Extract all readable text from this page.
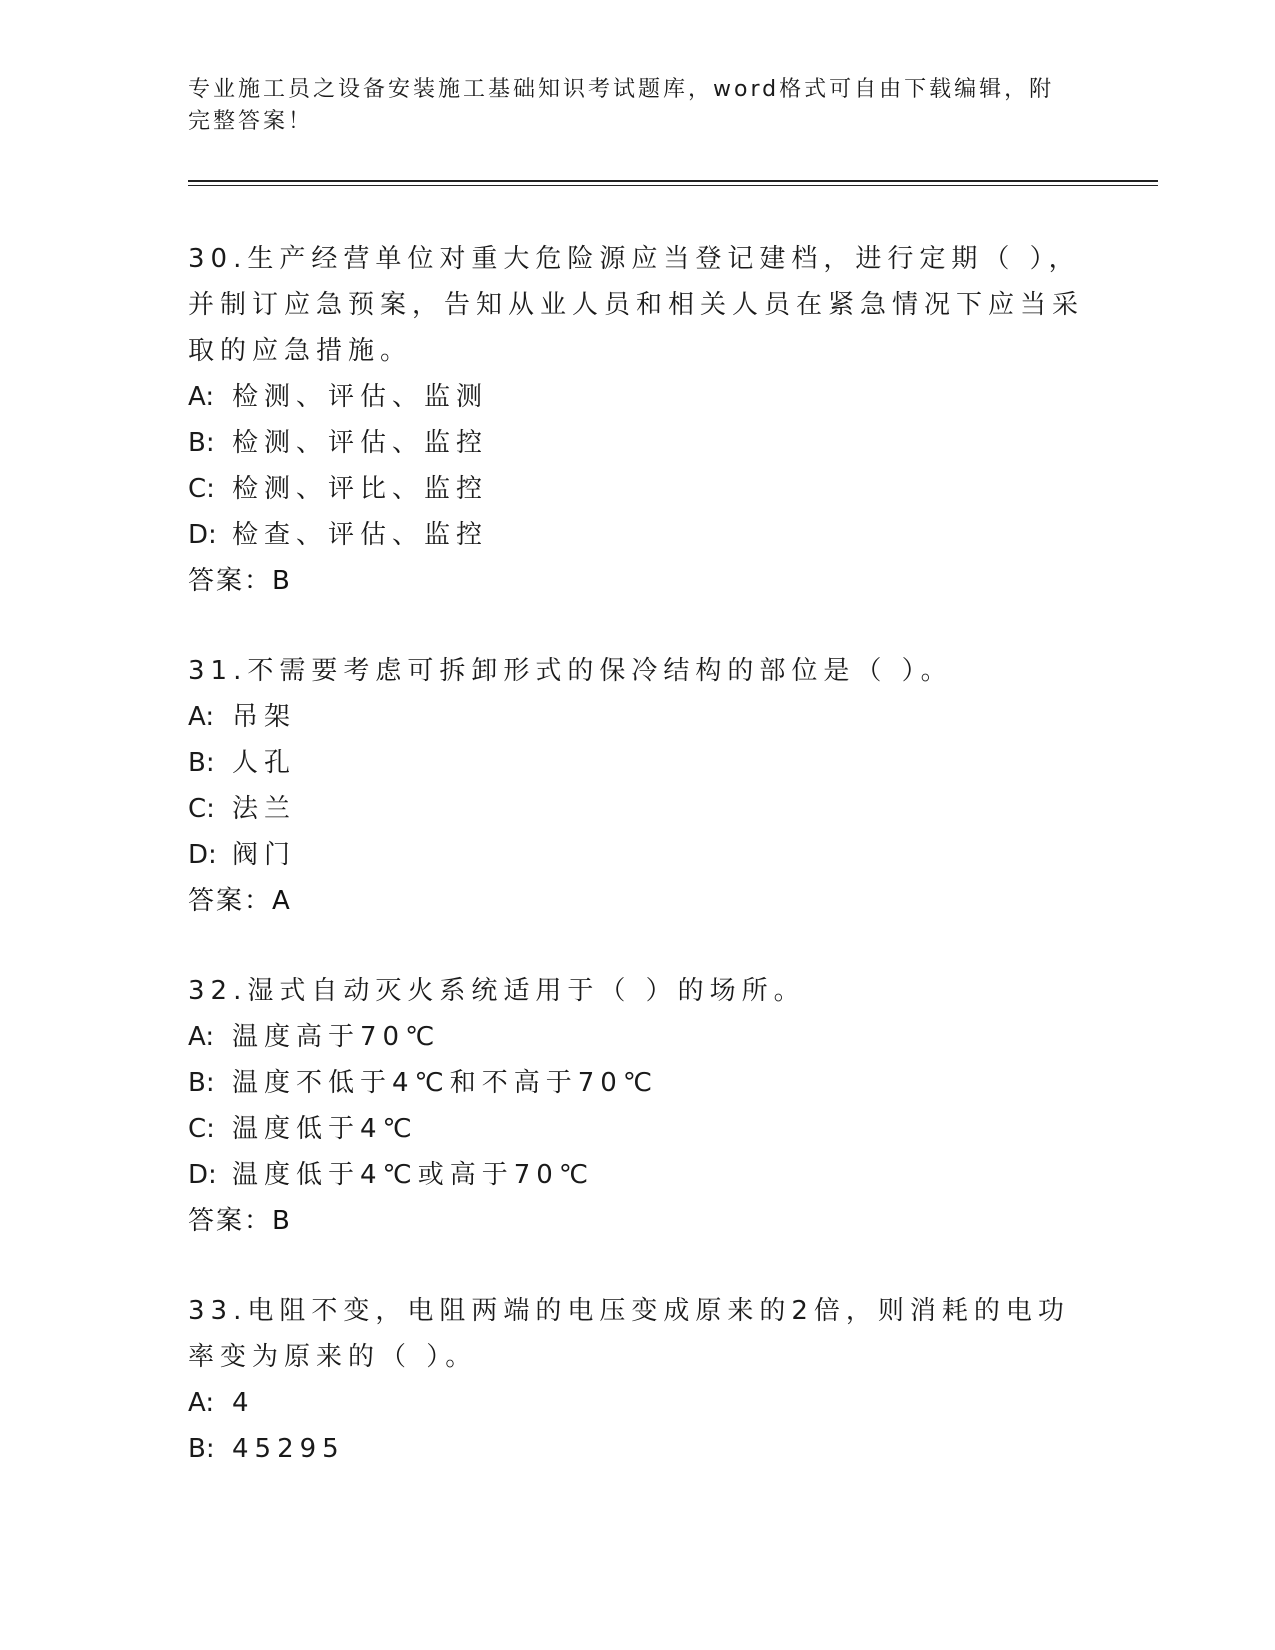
专业施工员之设备安装施工基础知识考试题库，word格式可自由下载编辑，附完整答案！

30.生产经营单位对重大危险源应当登记建档，进行定期（ ），并制订应急预案，告知从业人员和相关人员在紧急情况下应当采取的应急措施。

A: 检测、评估、监测

B: 检测、评估、监控

C: 检测、评比、监控

D: 检查、评估、监控

答案：B

31.不需要考虑可拆卸形式的保冷结构的部位是（ ）。

A: 吊架

B: 人孔

C: 法兰

D: 阀门

答案：A

32.湿式自动灭火系统适用于（ ）的场所。

A: 温度高于70℃

B: 温度不低于4℃和不高于70℃

C: 温度低于4℃

D: 温度低于4℃或高于70℃

答案：B

33.电阻不变，电阻两端的电压变成原来的2倍，则消耗的电功率变为原来的（ ）。

A: 4

B: 45295
